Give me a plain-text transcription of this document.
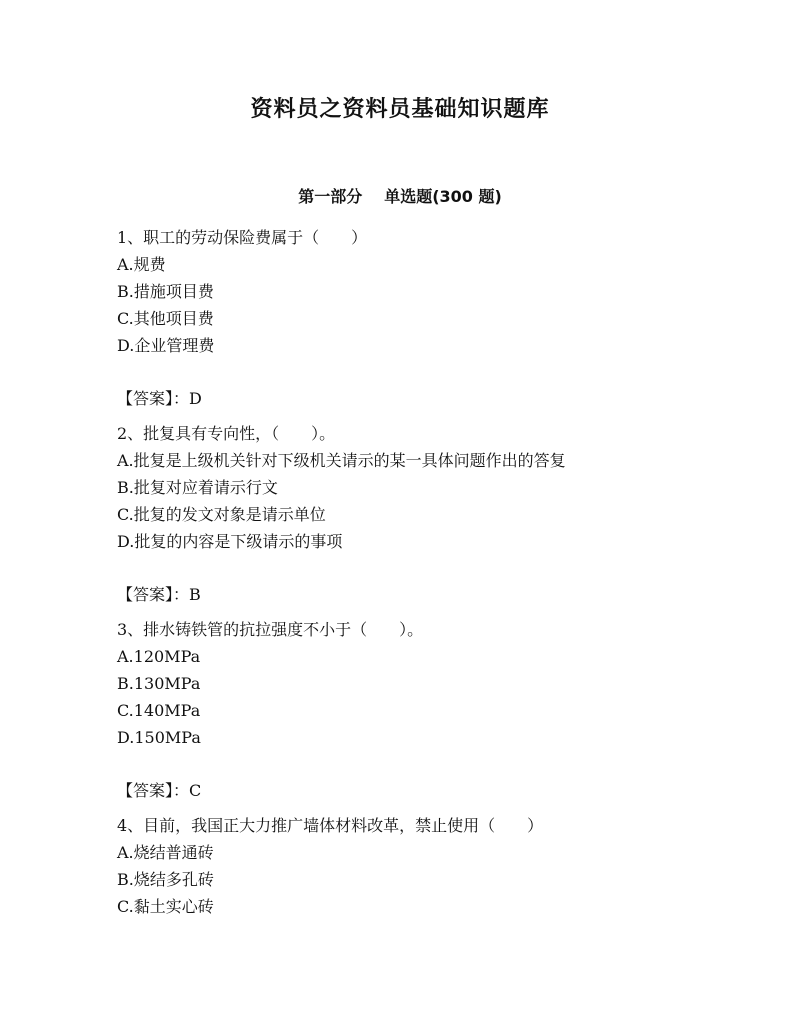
资料员之资料员基础知识题库
第一部分 单选题(300 题)
1、职工的劳动保险费属于（　　）
A.规费
B.措施项目费
C.其他项目费
D.企业管理费
【答案】：D
2、批复具有专向性，（　　）。
A.批复是上级机关针对下级机关请示的某一具体问题作出的答复
B.批复对应着请示行文
C.批复的发文对象是请示单位
D.批复的内容是下级请示的事项
【答案】：B
3、排水铸铁管的抗拉强度不小于（　　）。
A.120MPa
B.130MPa
C.140MPa
D.150MPa
【答案】：C
4、目前，我国正大力推广墙体材料改革，禁止使用（　　）
A.烧结普通砖
B.烧结多孔砖
C.黏土实心砖
